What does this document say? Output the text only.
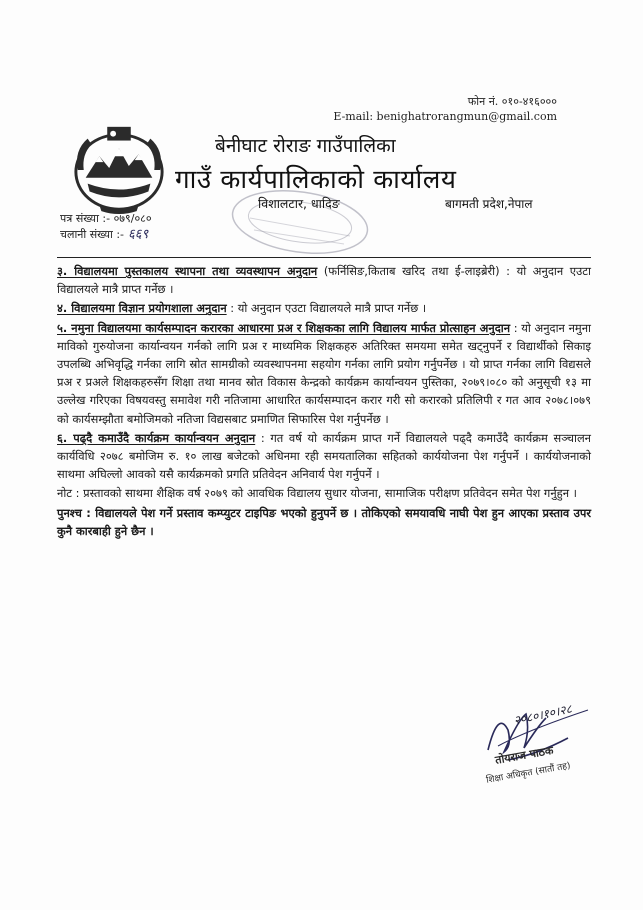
फोन नं. ०१०-४१६०००
E-mail: benighatrorangmun@gmail.com
बेनीघाट रोराङ गाउँपालिका
गाउँ कार्यपालिकाको कार्यालय
विशालटार, धादिङ	बागमती प्रदेश,नेपाल
पत्र संख्या :- ०७९/०८०
चलानी संख्या :- ६६९

३. विद्यालयमा पुस्तकालय स्थापना तथा व्यवस्थापन अनुदान (फर्निसिङ,किताब खरिद तथा ई-लाइब्रेरी) : यो अनुदान एउटा विद्यालयले मात्रै प्राप्त गर्नेछ ।

४. विद्यालयमा विज्ञान प्रयोगशाला अनुदान : यो अनुदान एउटा विद्यालयले मात्रै प्राप्त गर्नेछ ।

५. नमुना विद्यालयमा कार्यसम्पादन करारका आधारमा प्रअ र शिक्षकका लागि विद्यालय मार्फत प्रोत्साहन अनुदान : यो अनुदान नमुना माविको गुरुयोजना कार्यान्वयन गर्नको लागि प्रअ र माध्यमिक शिक्षकहरु अतिरिक्त समयमा समेत खट्नुपर्ने र विद्यार्थीको सिकाइ उपलब्धि अभिवृद्धि गर्नका लागि स्रोत सामग्रीको व्यवस्थापनमा सहयोग गर्नका लागि प्रयोग गर्नुपर्नेछ । यो प्राप्त गर्नका लागि विद्यसले प्रअ र प्रअले शिक्षकहरुसँग शिक्षा तथा मानव स्रोत विकास केन्द्रको कार्यक्रम कार्यान्वयन पुस्तिका, २०७९।०८० को अनुसूची १३ मा उल्लेख गरिएका विषयवस्तु समावेश गरी नतिजामा आधारित कार्यसम्पादन करार गरी सो करारको प्रतिलिपी र गत आव २०७८।०७९ को कार्यसम्झौता बमोजिमको नतिजा विद्यसबाट प्रमाणित सिफारिस पेश गर्नुपर्नेछ ।

६. पढ्दै कमाउँदै कार्यक्रम कार्यान्वयन अनुदान : गत वर्ष यो कार्यक्रम प्राप्त गर्ने विद्यालयले पढ्दै कमाउँदै कार्यक्रम सञ्चालन कार्यविधि २०७८ बमोजिम रु. १० लाख बजेटको अधिनमा रही समयतालिका सहितको कार्ययोजना पेश गर्नुपर्ने । कार्ययोजनाको साथमा अघिल्लो आवको यसै कार्यक्रमको प्रगति प्रतिवेदन अनिवार्य पेश गर्नुपर्ने ।

नोट : प्रस्तावको साथमा शैक्षिक वर्ष २०७९ को आवधिक विद्यालय सुधार योजना, सामाजिक परीक्षण प्रतिवेदन समेत पेश गर्नुहुन ।

पुनश्च : विद्यालयले पेश गर्ने प्रस्ताव कम्प्युटर टाइपिङ भएको हुनुपर्ने छ । तोकिएको समयावधि नाघी पेश हुन आएका प्रस्ताव उपर कुनै कारबाही हुने छैन ।

२०८०।१०।२८
तोयराज पाठक
शिक्षा अधिकृत (सातौं तह)
